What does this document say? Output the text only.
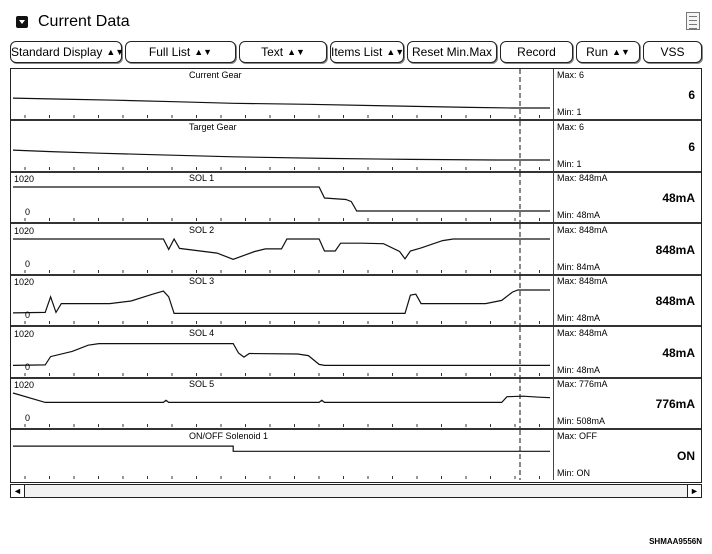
Current Data
Standard Display ▲▼	Full List ▲▼	Text ▲▼	Items List ▲▼ Reset Min.Max	Record	Run ▲▼	VSS
Current Gear	Max: 6
6
Min: 1
Target Gear	Max: 6
6
Min: 1
SOL 1
1020
0
Max: 848mA
48mA
Min: 48mA
SOL 2
1020
0
Max: 848mA
848mA
Min: 84mA
SOL 3
1020
0
Max: 848mA
848mA
Min: 48mA
SOL 4
1020
0
Max: 848mA
48mA
Min: 48mA
SOL 5
1020
0
Max: 776mA
776mA
Min: 508mA
ON/OFF Solenoid 1	Max: OFF
ON
Min: ON
◄	►
SHMAA9556N
